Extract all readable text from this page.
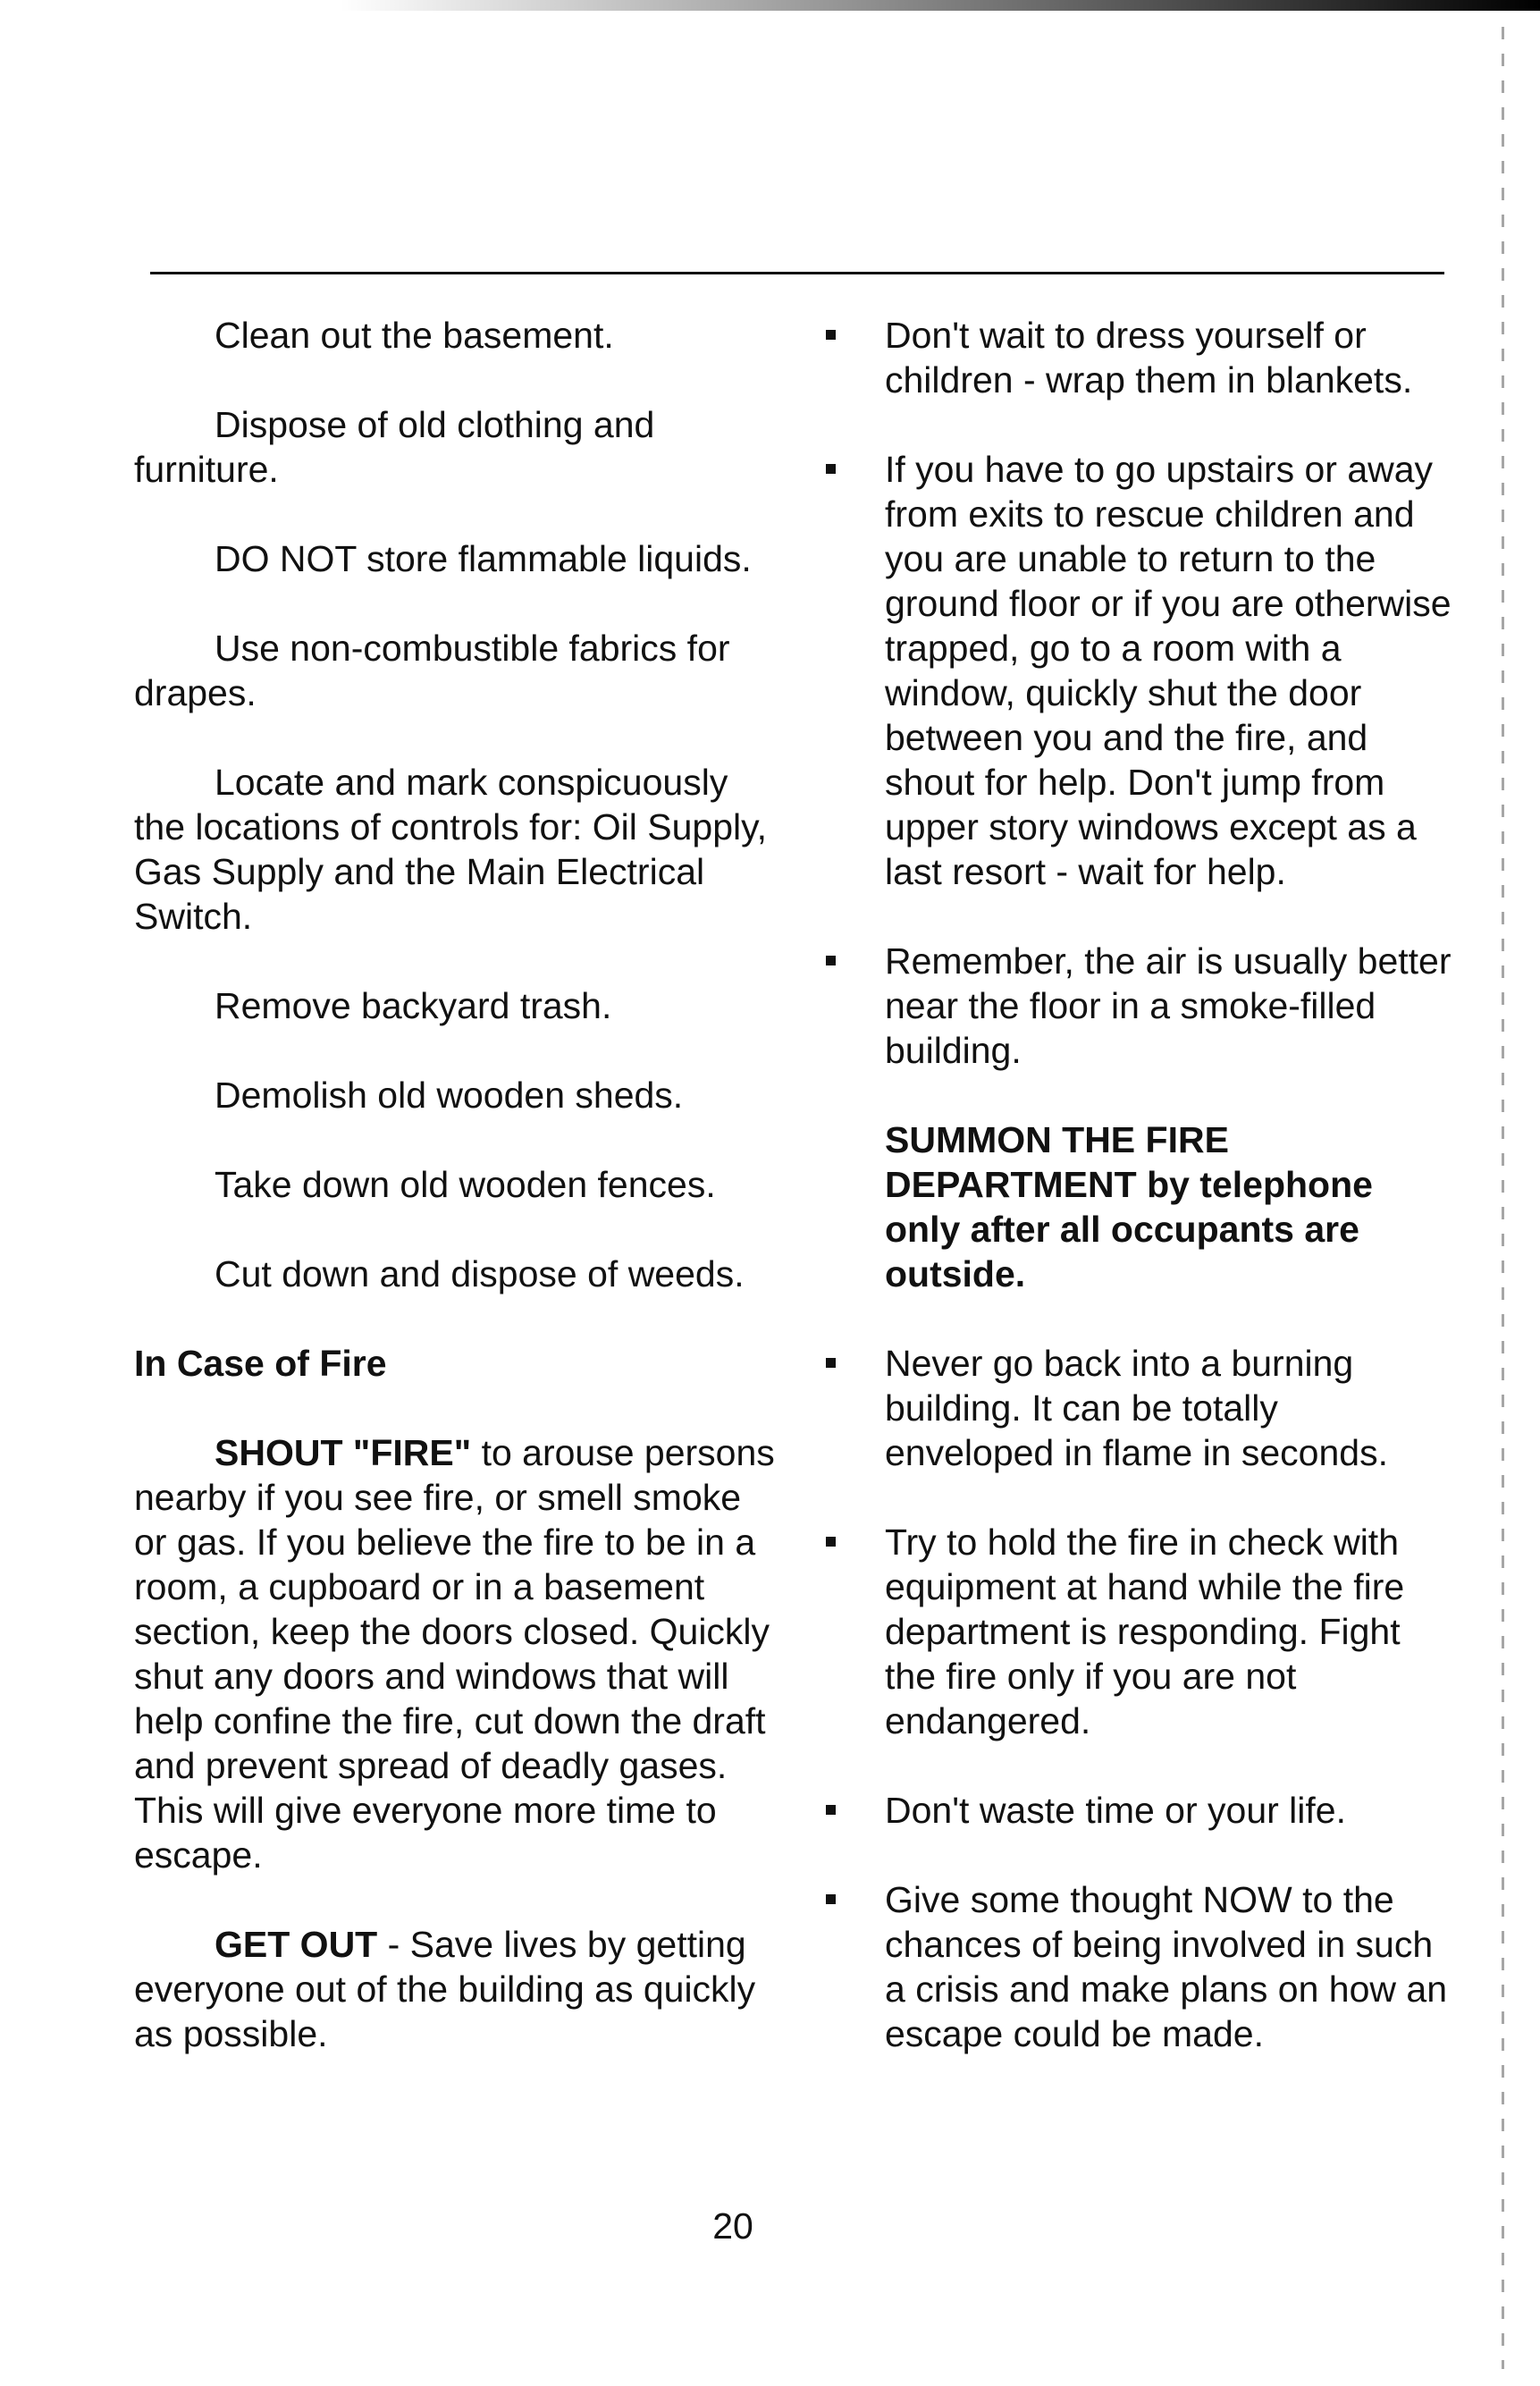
Clean out the basement.

Dispose of old clothing and furniture.

DO NOT store flammable liquids.

Use non-combustible fabrics for drapes.

Locate and mark conspicuously the locations of controls for: Oil Supply, Gas Supply and the Main Electrical Switch.

Remove backyard trash.

Demolish old wooden sheds.

Take down old wooden fences.

Cut down and dispose of weeds.

In Case of Fire

SHOUT "FIRE" to arouse persons nearby if you see fire, or smell smoke or gas. If you believe the fire to be in a room, a cupboard or in a basement section, keep the doors closed. Quickly shut any doors and windows that will help confine the fire, cut down the draft and prevent spread of deadly gases. This will give everyone more time to escape.

GET OUT - Save lives by getting everyone out of the building as quickly as possible.

Don't wait to dress yourself or children - wrap them in blankets.
If you have to go upstairs or away from exits to rescue children and you are unable to return to the ground floor or if you are otherwise trapped, go to a room with a window, quickly shut the door between you and the fire, and shout for help. Don't jump from upper story windows except as a last resort - wait for help.
Remember, the air is usually better near the floor in a smoke-filled building.

SUMMON THE FIRE DEPARTMENT by telephone only after all occupants are outside.

Never go back into a burning building. It can be totally enveloped in flame in seconds.
Try to hold the fire in check with equipment at hand while the fire department is responding. Fight the fire only if you are not endangered.
Don't waste time or your life.
Give some thought NOW to the chances of being involved in such a crisis and make plans on how an escape could be made.
20
